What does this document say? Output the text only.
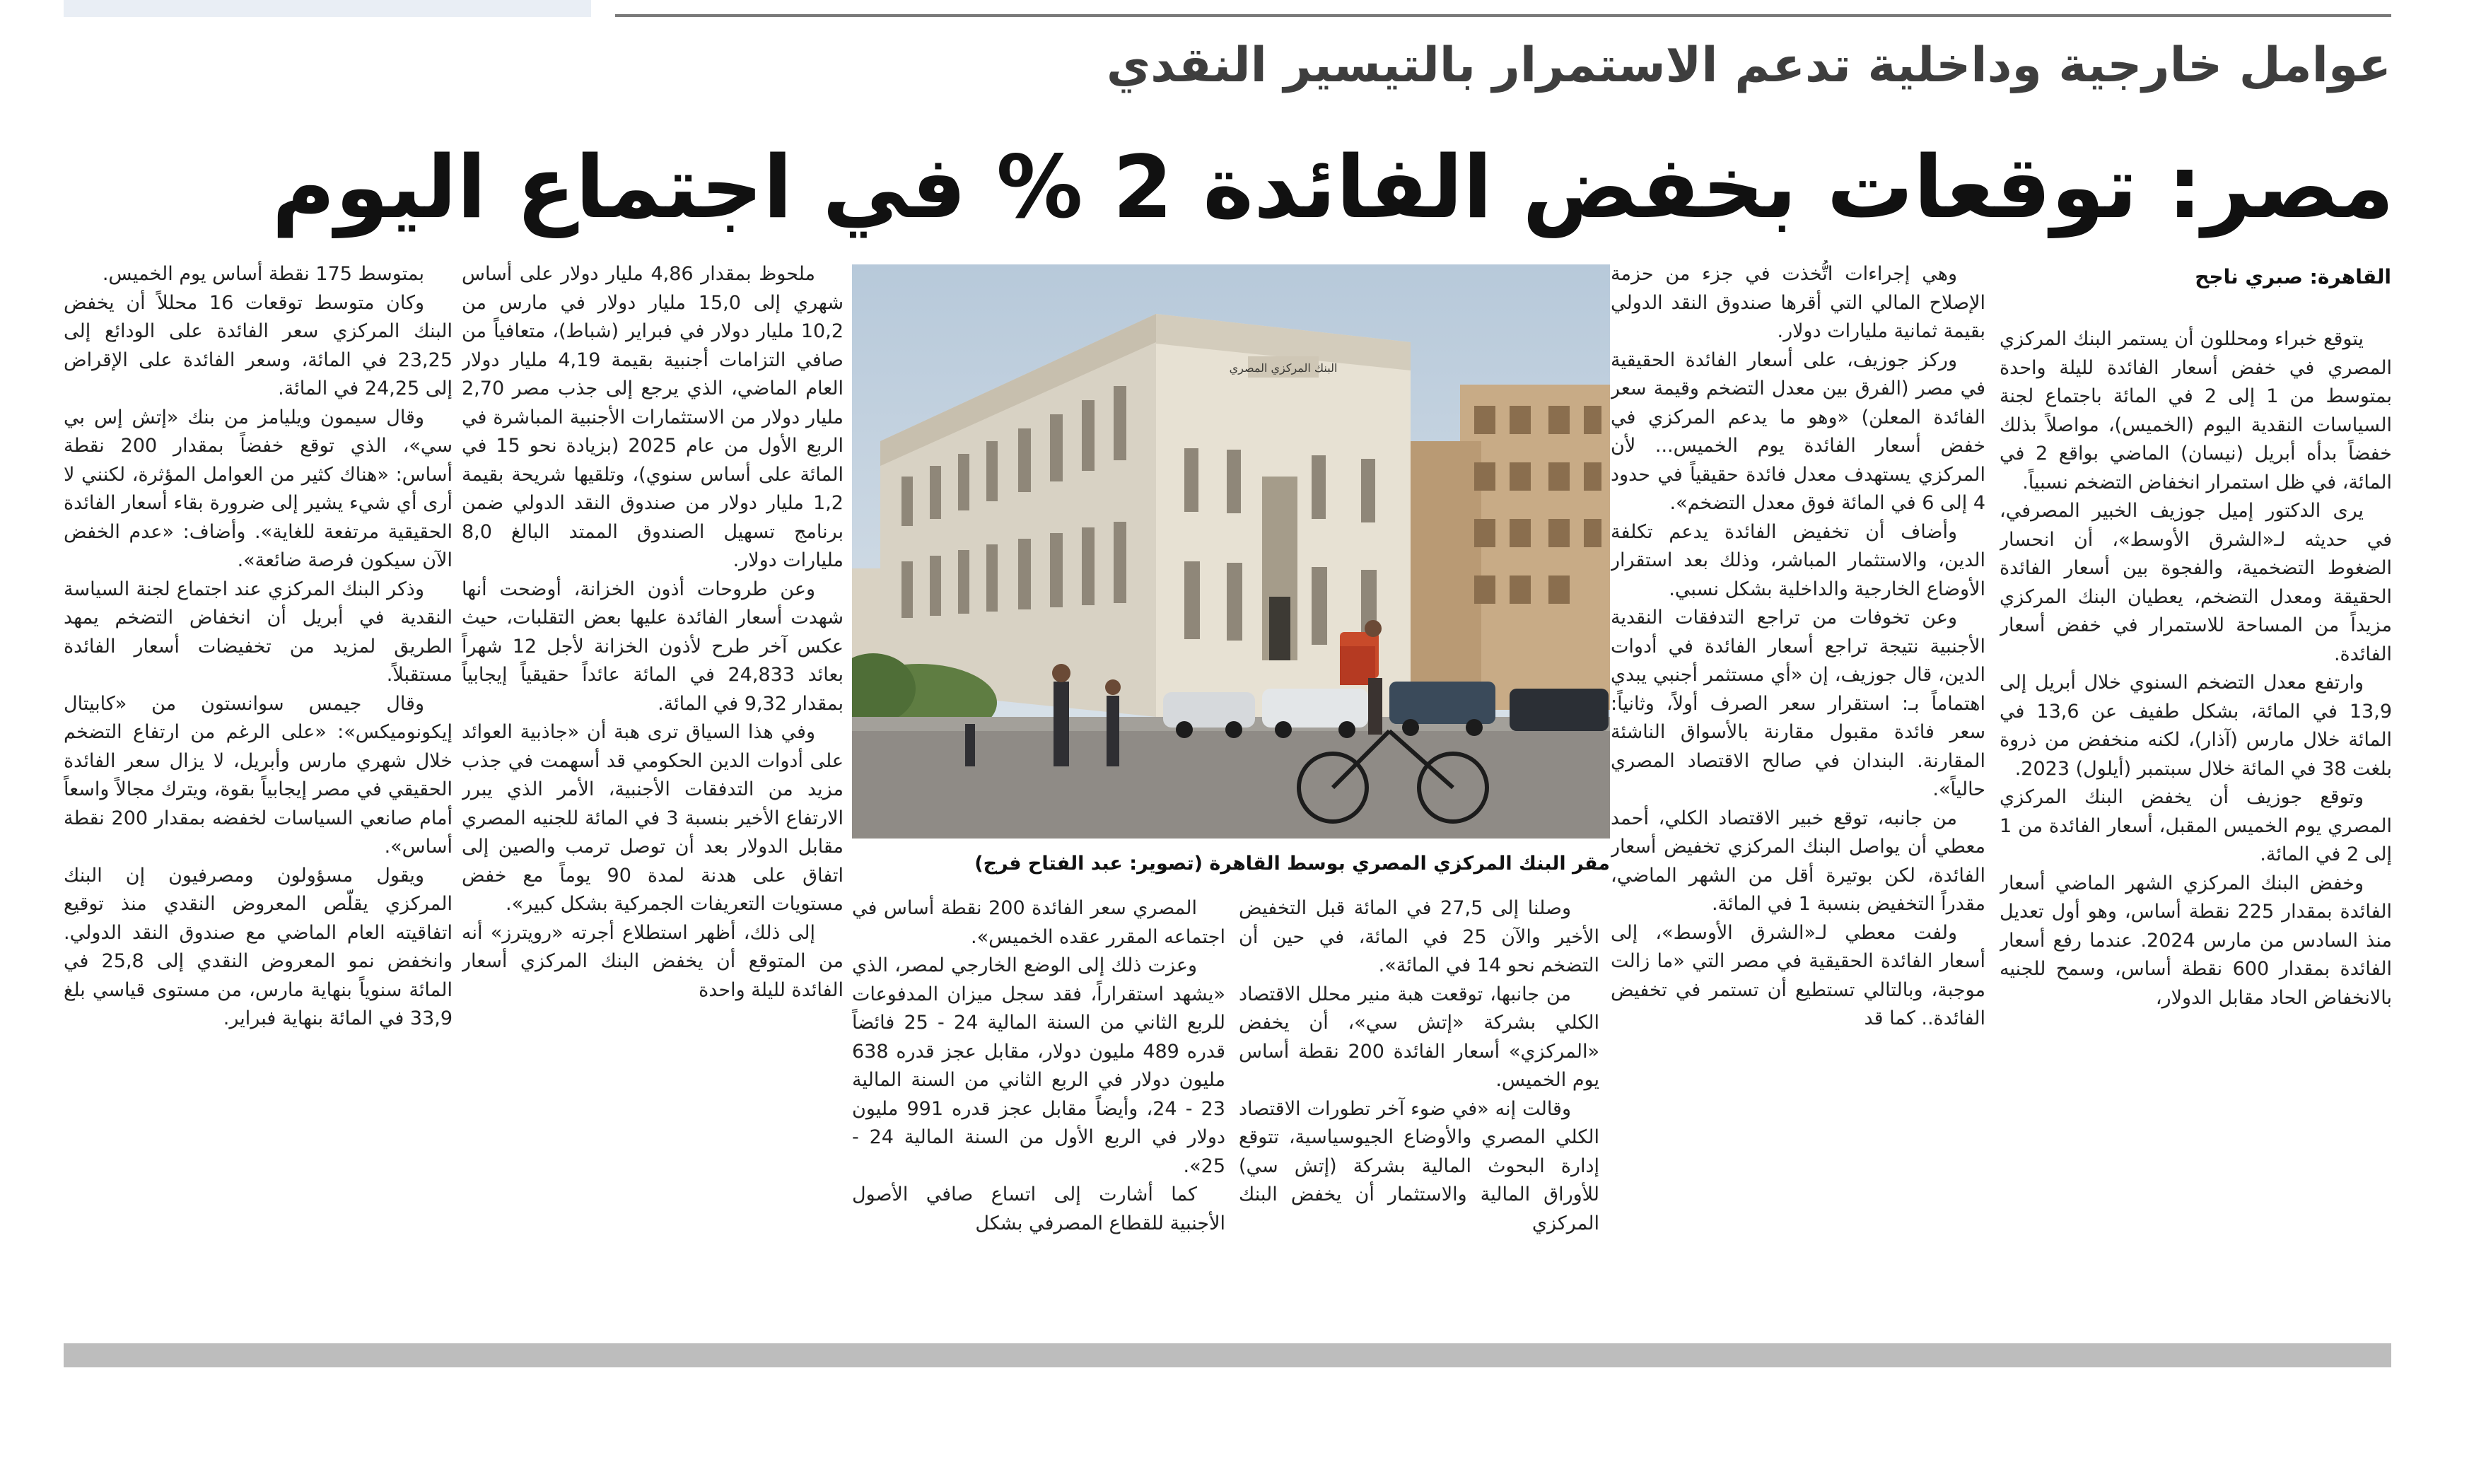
عوامل خارجية وداخلية تدعم الاستمرار بالتيسير النقدي
مصر: توقعات بخفض الفائدة 2 % في اجتماع اليوم
القاهرة: صبري ناجح

يتوقع خبراء ومحللون أن يستمر البنك المركزي المصري في خفض أسعار الفائدة لليلة واحدة بمتوسط من 1 إلى 2 في المائة باجتماع لجنة السياسات النقدية اليوم (الخميس)، مواصلاً بذلك خفضاً بدأه أبريل (نيسان) الماضي بواقع 2 في المائة، في ظل استمرار انخفاض التضخم نسبياً.

يرى الدكتور إميل جوزيف الخبير المصرفي، في حديثه لـ«الشرق الأوسط»، أن انحسار الضغوط التضخمية، والفجوة بين أسعار الفائدة الحقيقة ومعدل التضخم، يعطيان البنك المركزي مزيداً من المساحة للاستمرار في خفض أسعار الفائدة.

وارتفع معدل التضخم السنوي خلال أبريل إلى 13,9 في المائة، بشكل طفيف عن 13,6 في المائة خلال مارس (آذار)، لكنه منخفض من ذروة بلغت 38 في المائة خلال سبتمبر (أيلول) 2023.

وتوقع جوزيف أن يخفض البنك المركزي المصري يوم الخميس المقبل، أسعار الفائدة من 1 إلى 2 في المائة.

وخفض البنك المركزي الشهر الماضي أسعار الفائدة بمقدار 225 نقطة أساس، وهو أول تعديل منذ السادس من مارس 2024. عندما رفع أسعار الفائدة بمقدار 600 نقطة أساس، وسمح للجنيه بالانخفاض الحاد مقابل الدولار،

وهي إجراءات اتُّخذت في جزء من حزمة الإصلاح المالي التي أقرها صندوق النقد الدولي بقيمة ثمانية مليارات دولار.

وركز جوزيف، على أسعار الفائدة الحقيقية في مصر (الفرق بين معدل التضخم وقيمة سعر الفائدة المعلن) «وهو ما يدعم المركزي في خفض أسعار الفائدة يوم الخميس... لأن المركزي يستهدف معدل فائدة حقيقياً في حدود 4 إلى 6 في المائة فوق معدل التضخم».

وأضاف أن تخفيض الفائدة يدعم تكلفة الدين، والاستثمار المباشر، وذلك بعد استقرار الأوضاع الخارجية والداخلية بشكل نسبي.

وعن تخوفات من تراجع التدفقات النقدية الأجنبية نتيجة تراجع أسعار الفائدة في أدوات الدين، قال جوزيف، إن «أي مستثمر أجنبي يبدي اهتماماً بـ: استقرار سعر الصرف أولاً، وثانياً: سعر فائدة مقبول مقارنة بالأسواق الناشئة المقارنة. البندان في صالح الاقتصاد المصري حالياً».

من جانبه، توقع خبير الاقتصاد الكلي، أحمد معطي أن يواصل البنك المركزي تخفيض أسعار الفائدة، لكن بوتيرة أقل من الشهر الماضي، مقدراً التخفيض بنسبة 1 في المائة.

ولفت معطي لـ«الشرق الأوسط»، إلى أسعار الفائدة الحقيقية في مصر التي «ما زالت موجبة، وبالتالي تستطيع أن تستمر في تخفيض الفائدة.. كما قد

البنك المركزي المصري
مقر البنك المركزي المصري بوسط القاهرة (تصوير: عبد الفتاح فرج)

وصلنا إلى 27,5 في المائة قبل التخفيض الأخير والآن 25 في المائة، في حين أن التضخم نحو 14 في المائة».

من جانبها، توقعت هبة منير محلل الاقتصاد الكلي بشركة «إتش سي»، أن يخفض «المركزي» أسعار الفائدة 200 نقطة أساس يوم الخميس.

وقالت إنه «في ضوء آخر تطورات الاقتصاد الكلي المصري والأوضاع الجيوسياسية، تتوقع إدارة البحوث المالية بشركة (إتش سي) للأوراق المالية والاستثمار أن يخفض البنك المركزي

المصري سعر الفائدة 200 نقطة أساس في اجتماعه المقرر عقده الخميس».

وعزت ذلك إلى الوضع الخارجي لمصر، الذي «يشهد استقراراً، فقد سجل ميزان المدفوعات للربع الثاني من السنة المالية 24 - 25 فائضاً قدره 489 مليون دولار، مقابل عجز قدره 638 مليون دولار في الربع الثاني من السنة المالية 23 - 24، وأيضاً مقابل عجز قدره 991 مليون دولار في الربع الأول من السنة المالية 24 - 25».

كما أشارت إلى اتساع صافي الأصول الأجنبية للقطاع المصرفي بشكل

ملحوظ بمقدار 4,86 مليار دولار على أساس شهري إلى 15,0 مليار دولار في مارس من 10,2 مليار دولار في فبراير (شباط)، متعافياً من صافي التزامات أجنبية بقيمة 4,19 مليار دولار العام الماضي، الذي يرجع إلى جذب مصر 2,70 مليار دولار من الاستثمارات الأجنبية المباشرة في الربع الأول من عام 2025 (بزيادة نحو 15 في المائة على أساس سنوي)، وتلقيها شريحة بقيمة 1,2 مليار دولار من صندوق النقد الدولي ضمن برنامج تسهيل الصندوق الممتد البالغ 8,0 مليارات دولار.

وعن طروحات أذون الخزانة، أوضحت أنها شهدت أسعار الفائدة عليها بعض التقلبات، حيث عكس آخر طرح لأذون الخزانة لأجل 12 شهراً بعائد 24,833 في المائة عائداً حقيقياً إيجابياً بمقدار 9,32 في المائة.

وفي هذا السياق ترى هبة أن «جاذبية العوائد على أدوات الدين الحكومي قد أسهمت في جذب مزيد من التدفقات الأجنبية، الأمر الذي يبرر الارتفاع الأخير بنسبة 3 في المائة للجنيه المصري مقابل الدولار بعد أن توصل ترمب والصين إلى اتفاق على هدنة لمدة 90 يوماً مع خفض مستويات التعريفات الجمركية بشكل كبير».

إلى ذلك، أظهر استطلاع أجرته «رويترز» أنه من المتوقع أن يخفض البنك المركزي أسعار الفائدة لليلة واحدة

بمتوسط 175 نقطة أساس يوم الخميس.

وكان متوسط توقعات 16 محللاً أن يخفض البنك المركزي سعر الفائدة على الودائع إلى 23,25 في المائة، وسعر الفائدة على الإقراض إلى 24,25 في المائة.

وقال سيمون ويليامز من بنك «إتش إس بي سي»، الذي توقع خفضاً بمقدار 200 نقطة أساس: «هناك كثير من العوامل المؤثرة، لكنني لا أرى أي شيء يشير إلى ضرورة بقاء أسعار الفائدة الحقيقية مرتفعة للغاية». وأضاف: «عدم الخفض الآن سيكون فرصة ضائعة».

وذكر البنك المركزي عند اجتماع لجنة السياسة النقدية في أبريل أن انخفاض التضخم يمهد الطريق لمزيد من تخفيضات أسعار الفائدة مستقبلاً.

وقال جيمس سوانستون من «كابيتال إيكونوميكس»: «على الرغم من ارتفاع التضخم خلال شهري مارس وأبريل، لا يزال سعر الفائدة الحقيقي في مصر إيجابياً بقوة، ويترك مجالاً واسعاً أمام صانعي السياسات لخفضه بمقدار 200 نقطة أساس».

ويقول مسؤولون ومصرفيون إن البنك المركزي يقلّص المعروض النقدي منذ توقيع اتفاقيته العام الماضي مع صندوق النقد الدولي. وانخفض نمو المعروض النقدي إلى 25,8 في المائة سنوياً بنهاية مارس، من مستوى قياسي بلغ 33,9 في المائة بنهاية فبراير.
